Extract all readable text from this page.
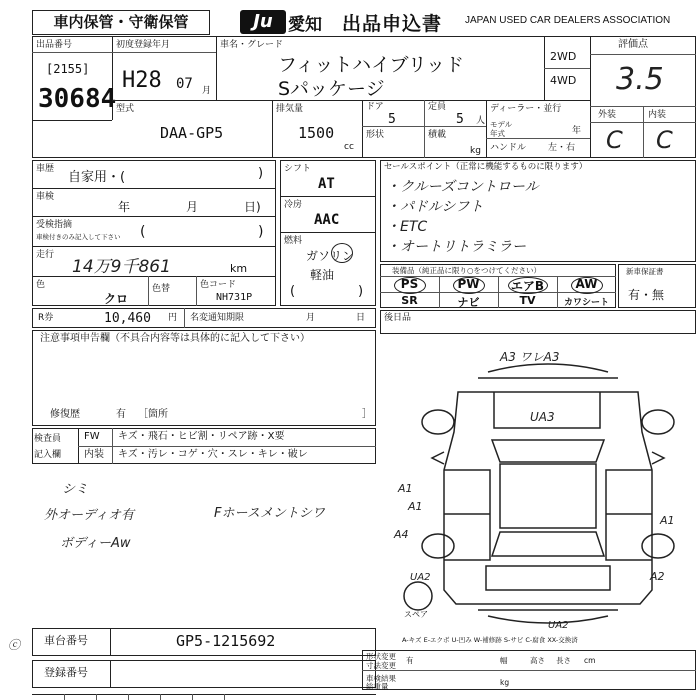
車内保管・守衛保管	Ju 愛知 出品申込書 JAPAN USED CAR DEALERS ASSOCIATION
出品番号
[2155]
30684
初度登録年月
H28 07 月
車名・グレード
フィットハイブリッド
Sパッケージ
2WD
4WD
評価点
3.5
外装	内装
C C
型式
DAA-GP5
排気量
1500
cc
ドア
5
定員
5 人
形状	積載
kg
ディーラー・並行
モデル 年式	年
ハンドル 左・右
車歴
自家用・(	)
車検
年	月	日)
受検指摘
車検付きのみ記入して下さい (	)
走行
14万9千861	km
色
クロ
色替	色コード
NH731P
シフト
AT
冷房
AAC
燃料
ガソリン
軽油
(	)
セールスポイント（正常に機能するものに限ります）
・クルーズコントロール
・パドルシフト
・ETC
・オートリトラミラー
装備品（純正品に限り○をつけてください）
PS	PW	エアB	AW
SR	ナビ	TV	カワシート
新車保証書
有・無
R券	10,460 円 名変通知期限	月	日 後日品
注意事項申告欄（不具合内容等は具体的に記入して下さい）
修復歴	有 ［箇所	］
検査員
記入欄
FW キズ・飛石・ヒビ割・リペア跡・X要
内装 キズ・汚レ・コゲ・穴・スレ・キレ・破レ
シミ
外オーディオ有
ボディーAw
Fホースメントシワ
A3 ワレA3
UA3
A1
A1
A4
UA2
A1
A2
UA2
スペア
A-キズ E-エクボ U-凹み W-補修跡 S-サビ C-腐食 XX-交換済
車台番号	GP5-1215692
登録番号
形状変更
寸法変更
有	幅	高さ 長さ cm
車検結果
総重量	kg
ⓒ
